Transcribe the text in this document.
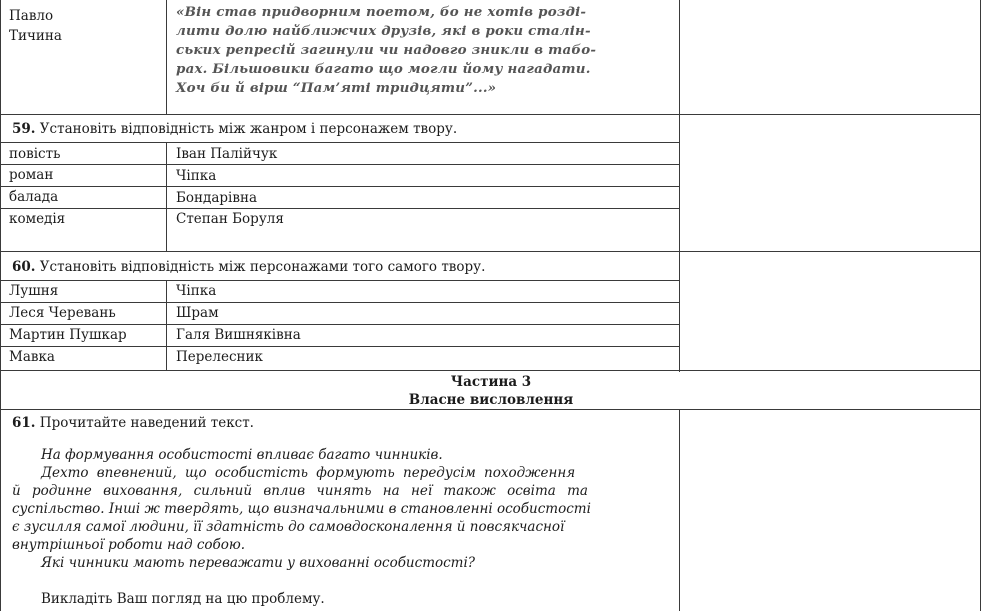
Павло
Тичина
«Він став придворним поетом, бо не хотів розді-
лити долю найближчих друзів, які в роки сталін-
ських репресій загинули чи надовго зникли в табо-
рах. Більшовики багато що могли йому нагадати.
Хоч би й вірш “Пам’яті тридцяти”...»
59. Установіть відповідність між жанром і персонажем твору.
повість	Іван Палійчук
роман	Чіпка
балада	Бондарівна
комедія	Степан Боруля
60. Установіть відповідність між персонажами того самого твору.
Лушня	Чіпка
Леся Черевань	Шрам
Мартин Пушкар	Галя Вишняківна
Мавка	Перелесник
Частина 3
Власне висловлення
61. Прочитайте наведений текст.
На формування особистості впливає багато чинників.
Дехто впевнений, що особистість формують передусім походження
й родинне виховання, сильний вплив чинять на неї також освіта та
суспільство. Інші ж твердять, що визначальними в становленні особистості
є зусилля самої людини, її здатність до самовдосконалення й повсякчасної
внутрішньої роботи над собою.
Які чинники мають переважати у вихованні особистості?
Викладіть Ваш погляд на цю проблему.
